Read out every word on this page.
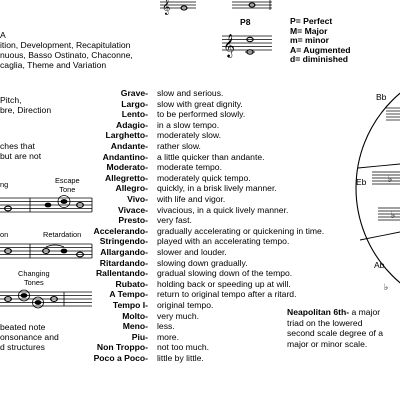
A
ition, Development, Recapitulation
nuous, Basso Ostinato, Chaconne,
caglia, Theme and Variation
Pitch,
bre, Direction
ches that
but are not
ng	Escape
Tone
on	Retardation
Changing
Tones
beated note
onsonance and
d structures
𝄞
P8
𝄞
P= Perfect
M= Major
m= minor
A= Augmented
d= diminished
Grave- slow and serious.
Largo- slow with great dignity.
Lento- to be performed slowly.
Adagio- in a slow tempo.
Larghetto- moderately slow.
Andante- rather slow.
Andantino- a little quicker than andante.
Moderato- moderate tempo.
Allegretto- moderately quick tempo.
Allegro- quickly, in a brisk lively manner.
Vivo- with life and vigor.
Vivace- vivacious, in a quick lively manner.
Presto- very fast.
Accelerando- gradually accelerating or quickening in time.
Stringendo- played with an accelerating tempo.
Allargando- slower and louder.
Ritardando- slowing down gradually.
Rallentando- gradual slowing down of the tempo.
Rubato- holding back or speeding up at will.
A Tempo- return to original tempo after a ritard.
Tempo I- original tempo.
Molto- very much.
Meno- less.
Piu- more.
Non Troppo- not too much.
Poco a Poco- little by little.
Neapolitan 6th- a major
triad on the lowered
second scale degree of a
major or minor scale.
Bb
Eb
Ab
♭
♭
♭
